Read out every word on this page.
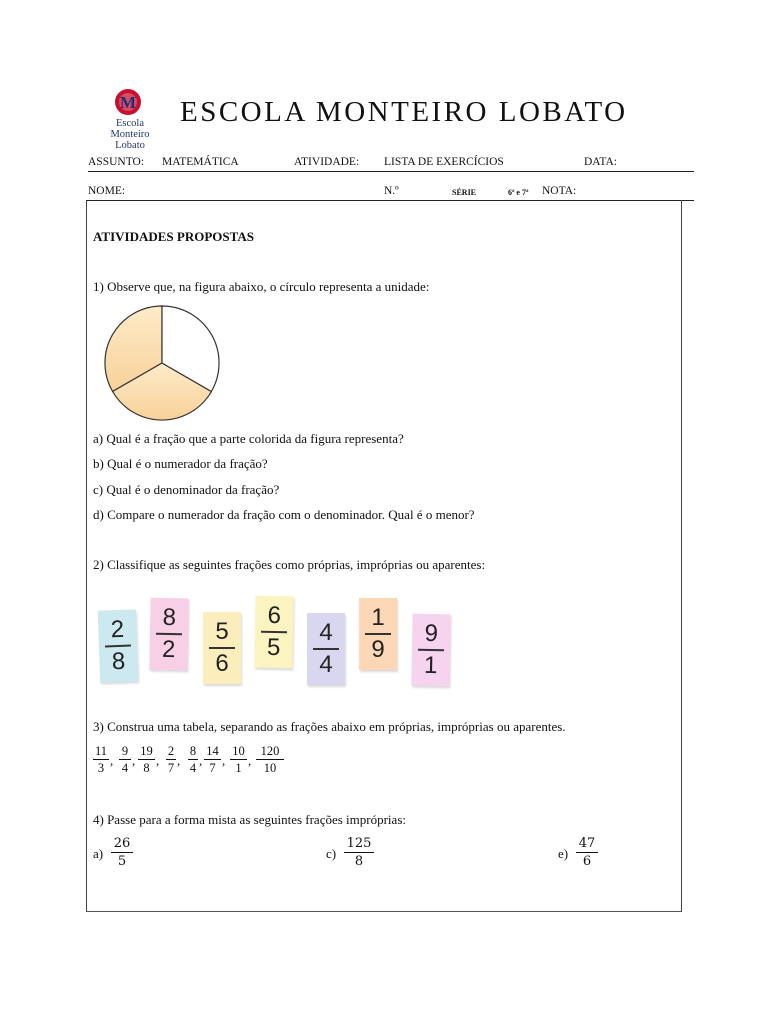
M
Escola
Monteiro
Lobato
ESCOLA MONTEIRO LOBATO
ASSUNTO: MATEMÁTICA	ATIVIDADE: LISTA DE EXERCÍCIOS	DATA:
NOME:	N.º	SÉRIE	6ª e 7ª NOTA:
ATIVIDADES PROPOSTAS
1) Observe que, na figura abaixo, o círculo representa a unidade:
a) Qual é a fração que a parte colorida da figura representa?
b) Qual é o numerador da fração?
c) Qual é o denominador da fração?
d) Compare o numerador da fração com o denominador. Qual é o menor?
2) Classifique as seguintes frações como próprias, impróprias ou aparentes:
2
8
8
2
5
6
6
5
4
4
1
9
9
1
3) Construa uma tabela, separando as frações abaixo em próprias, impróprias ou aparentes.
11
3 ,
9
4 ,
19
8 ,
2
7 ,
8
4 ,
14
7 ,
10
1 ,
120
10
4) Passe para a forma mista as seguintes frações impróprias:
a)
26
5
c)
125
8
e)
47
6
